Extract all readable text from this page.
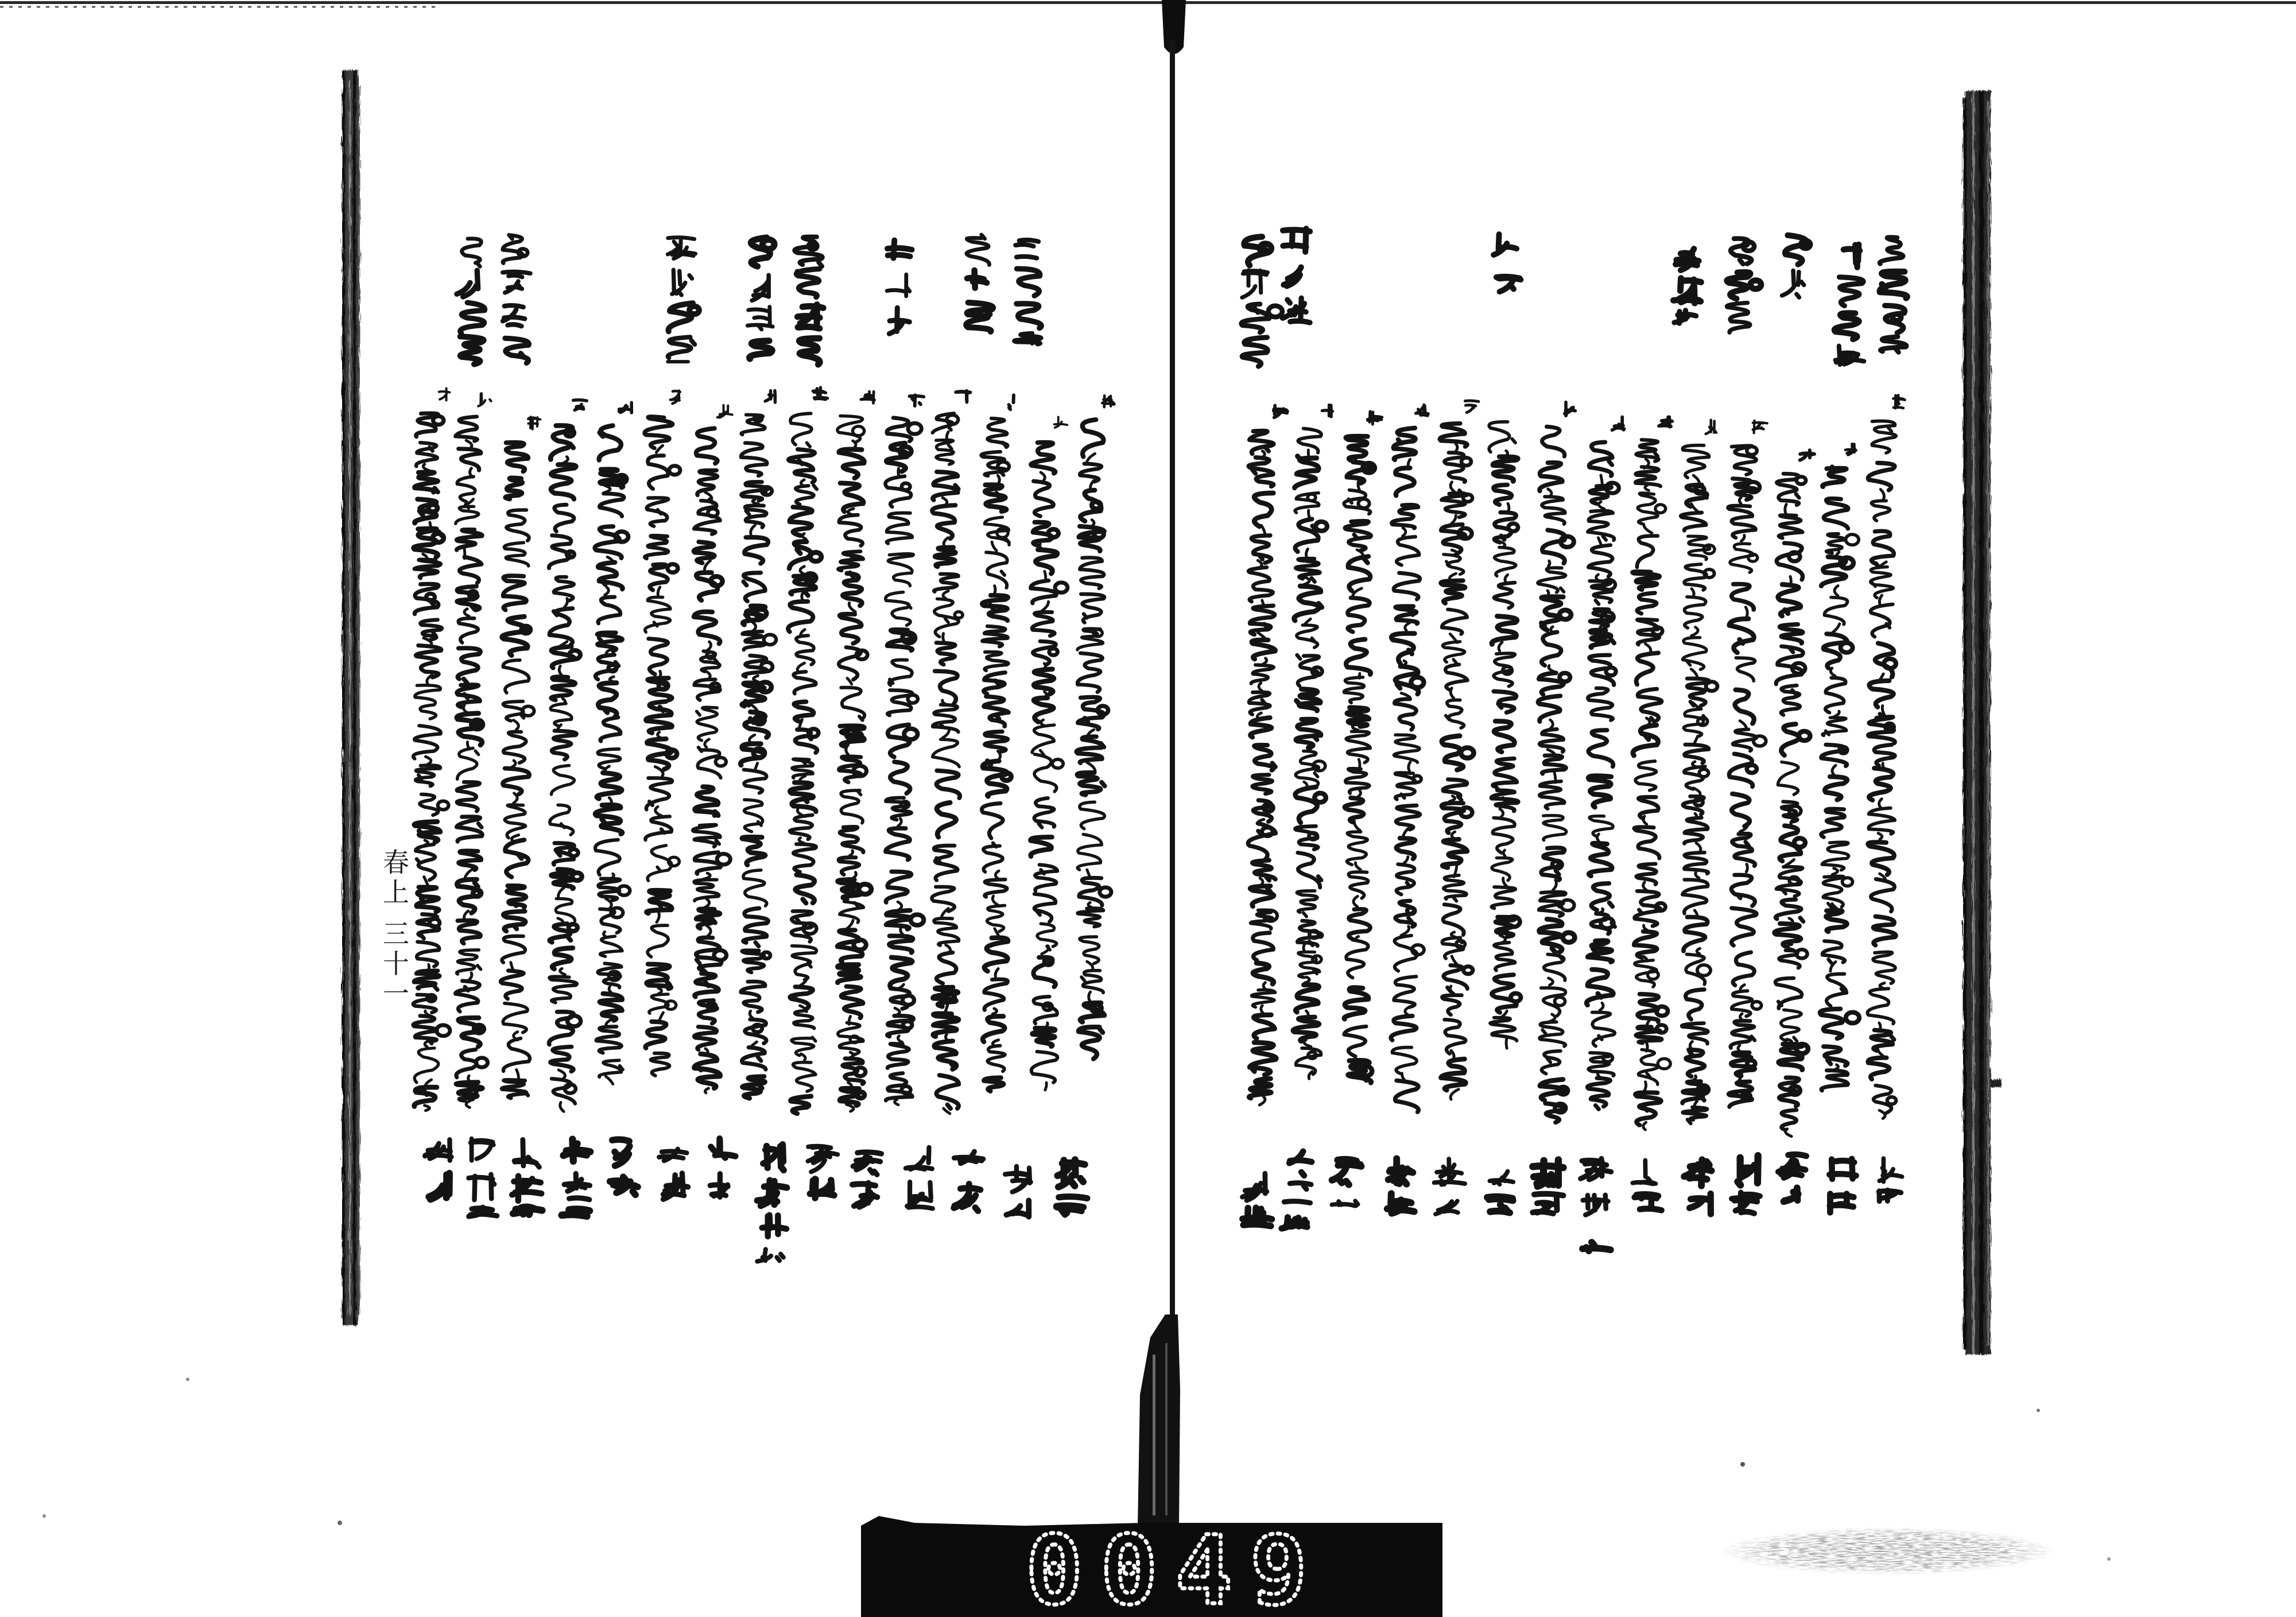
0049
春上 三十一
